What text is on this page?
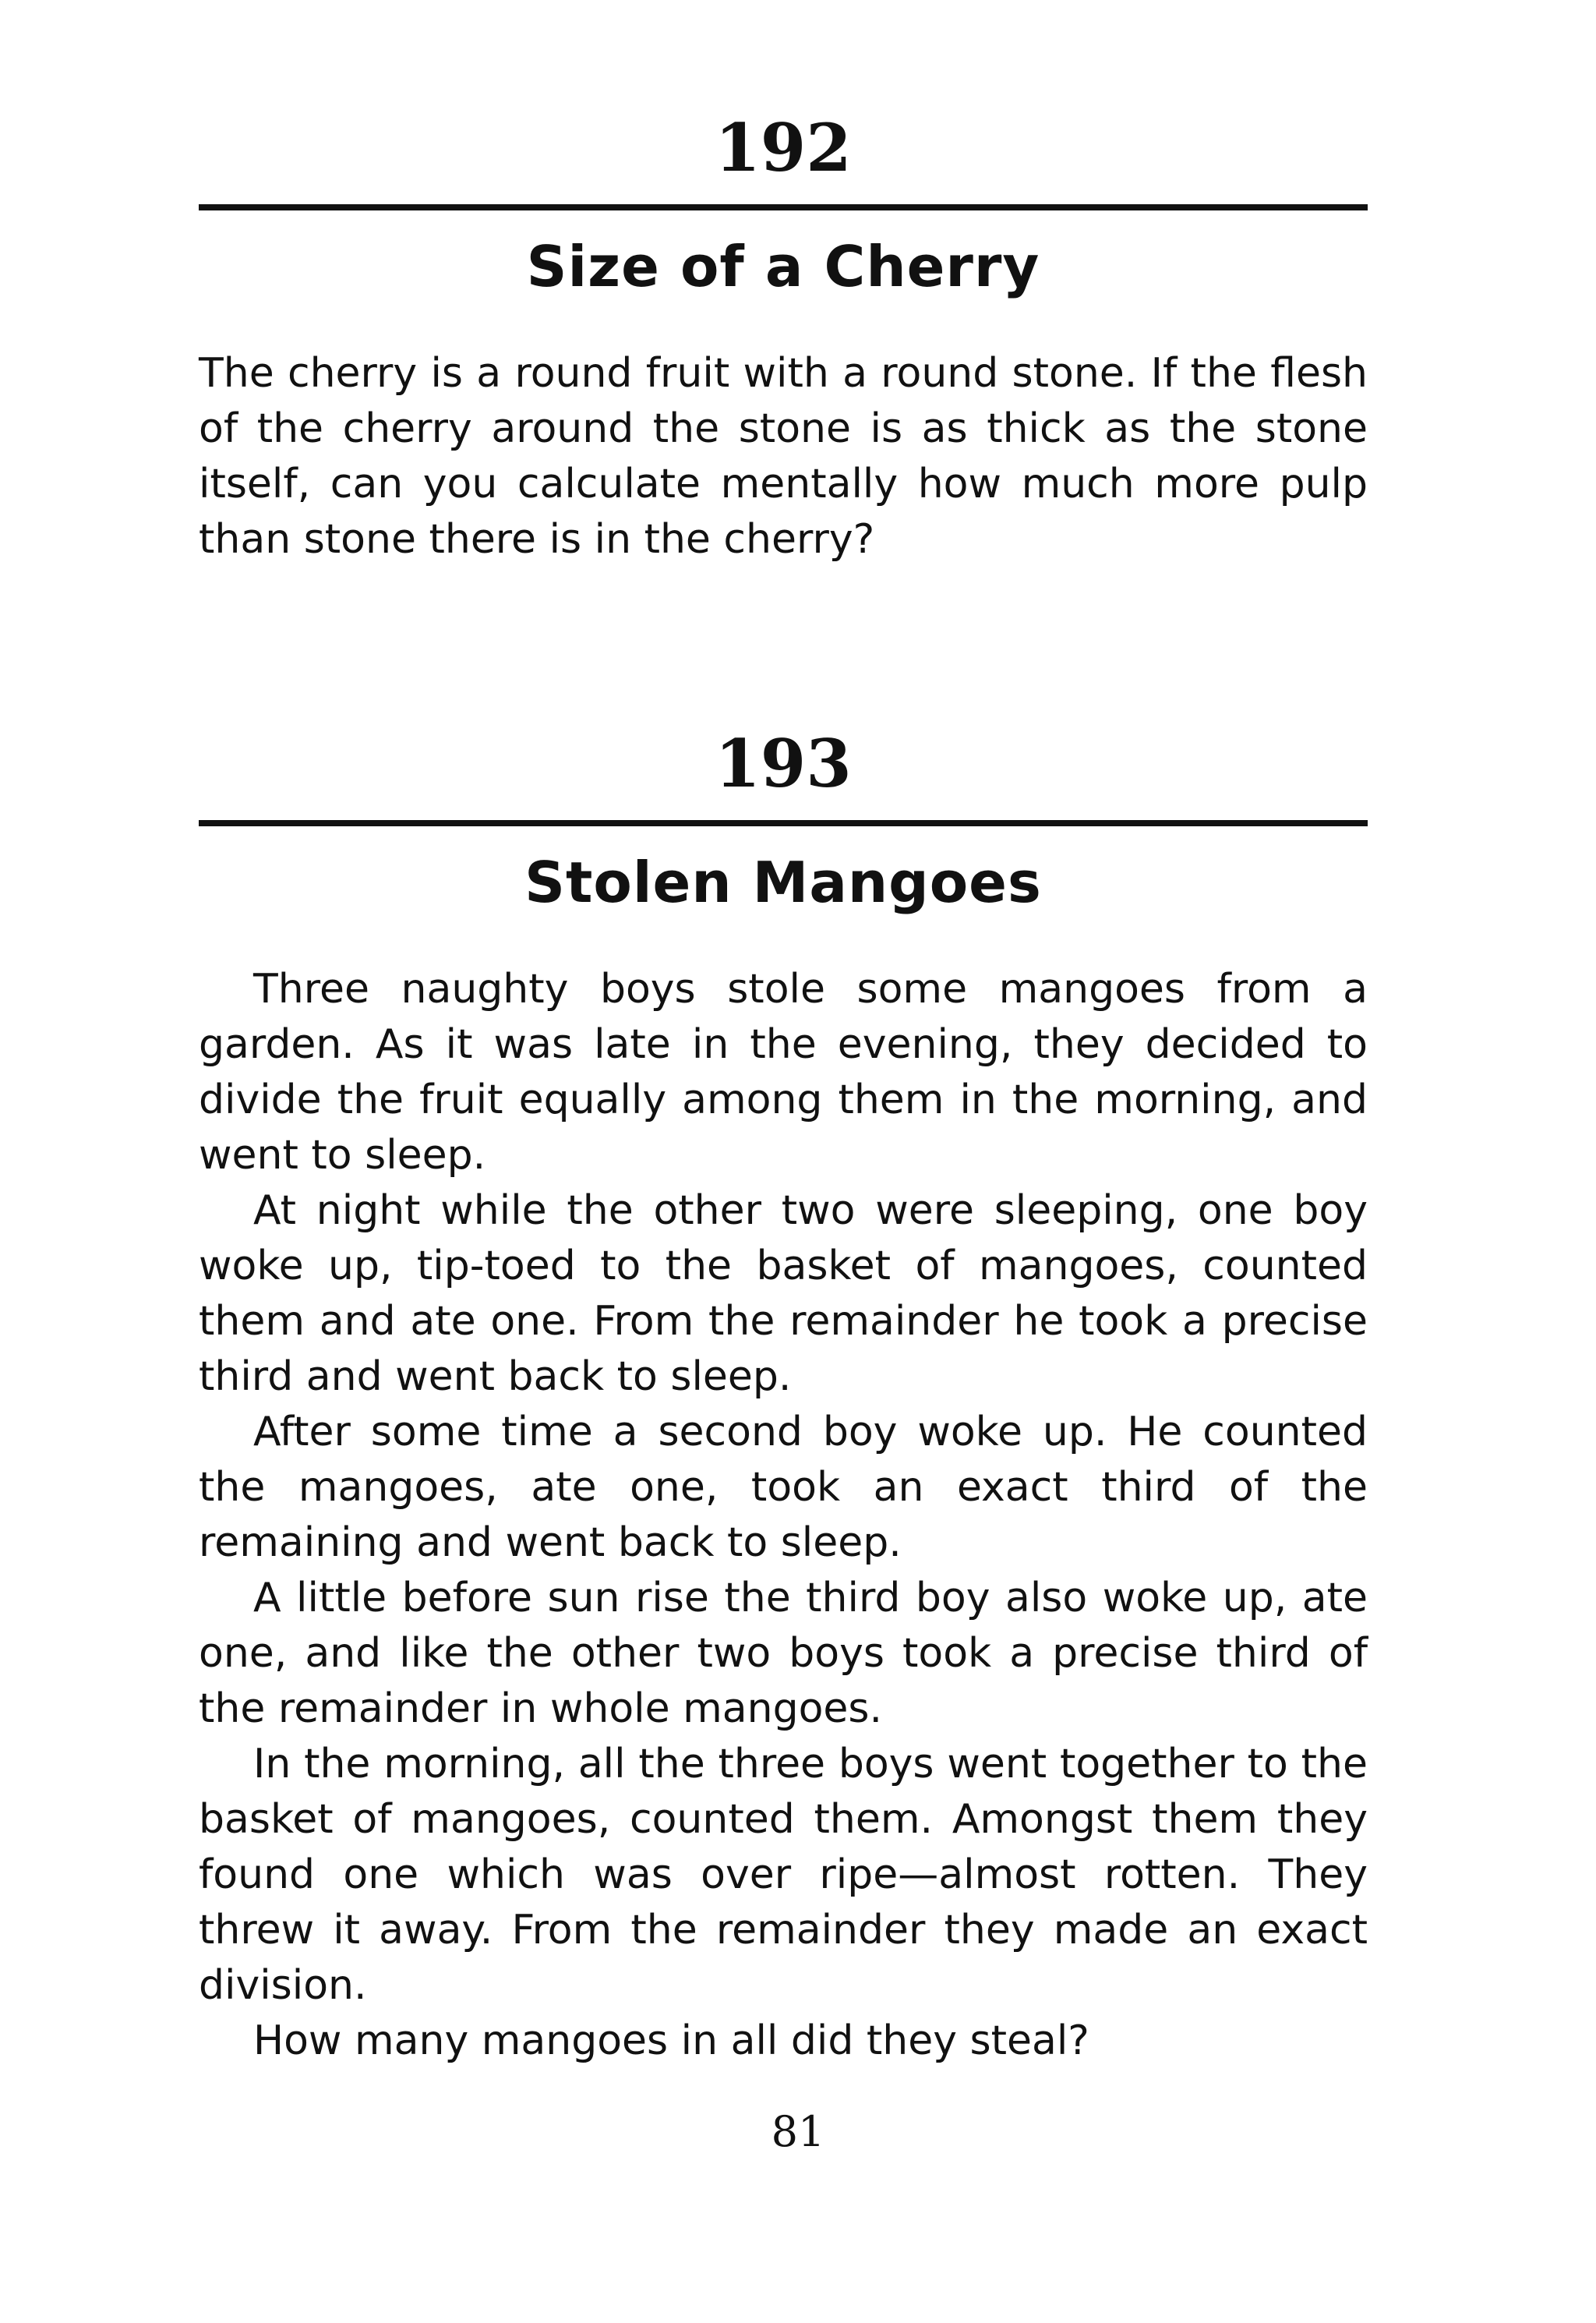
192
Size of a Cherry

The cherry is a round fruit with a round stone. If the flesh of the cherry around the stone is as thick as the stone itself, can you calculate mentally how much more pulp than stone there is in the cherry?

193
Stolen Mangoes

Three naughty boys stole some mangoes from a garden. As it was late in the evening, they decided to divide the fruit equally among them in the morning, and went to sleep.

At night while the other two were sleeping, one boy woke up, tip-toed to the basket of mangoes, counted them and ate one. From the remainder he took a precise third and went back to sleep.

After some time a second boy woke up. He counted the mangoes, ate one, took an exact third of the remaining and went back to sleep.

A little before sun rise the third boy also woke up, ate one, and like the other two boys took a precise third of the remainder in whole mangoes.

In the morning, all the three boys went together to the basket of mangoes, counted them. Amongst them they found one which was over ripe—almost rotten. They threw it away. From the remainder they made an exact division.

How many mangoes in all did they steal?

81
